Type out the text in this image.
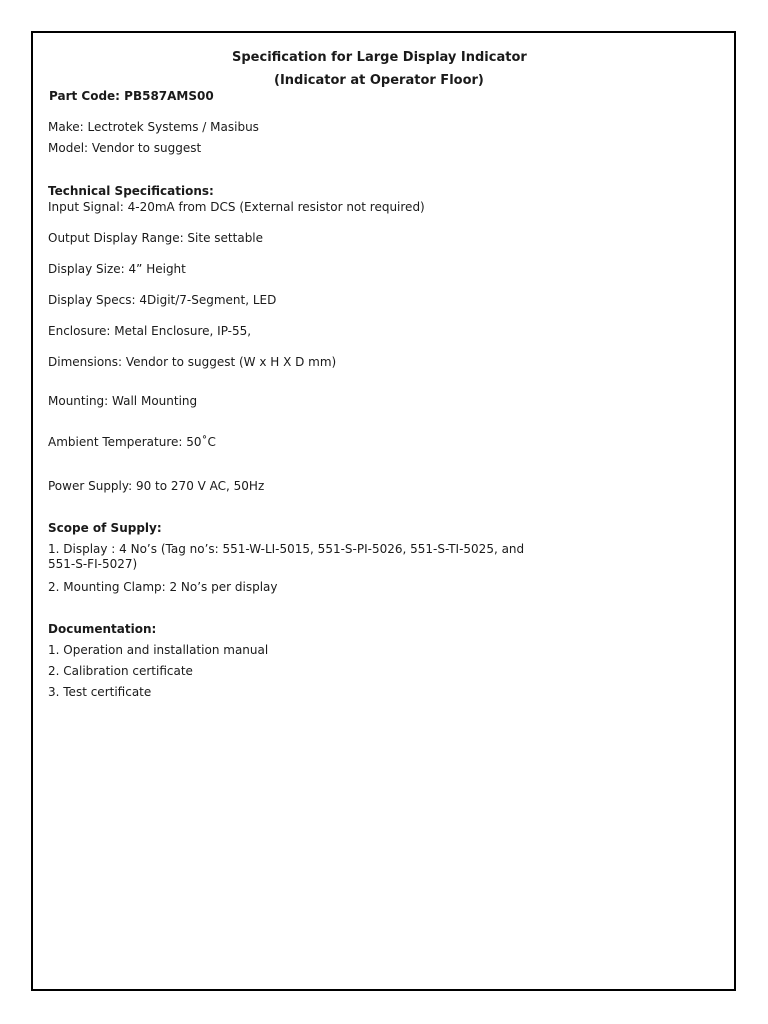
Specification for Large Display Indicator
(Indicator at Operator Floor)
Part Code: PB587AMS00
Make: Lectrotek Systems / Masibus
Model: Vendor to suggest
Technical Specifications:
Input Signal: 4-20mA from DCS (External resistor not required)
Output Display Range: Site settable
Display Size: 4” Height
Display Specs: 4Digit/7-Segment, LED
Enclosure: Metal Enclosure, IP-55,
Dimensions: Vendor to suggest (W x H X D mm)
Mounting: Wall Mounting
Ambient Temperature: 50˚C
Power Supply: 90 to 270 V AC, 50Hz
Scope of Supply:
1. Display : 4 No’s (Tag no’s: 551-W-LI-5015, 551-S-PI-5026, 551-S-TI-5025, and
551-S-FI-5027)
2. Mounting Clamp: 2 No’s per display
Documentation:
1. Operation and installation manual
2. Calibration certificate
3. Test certificate
